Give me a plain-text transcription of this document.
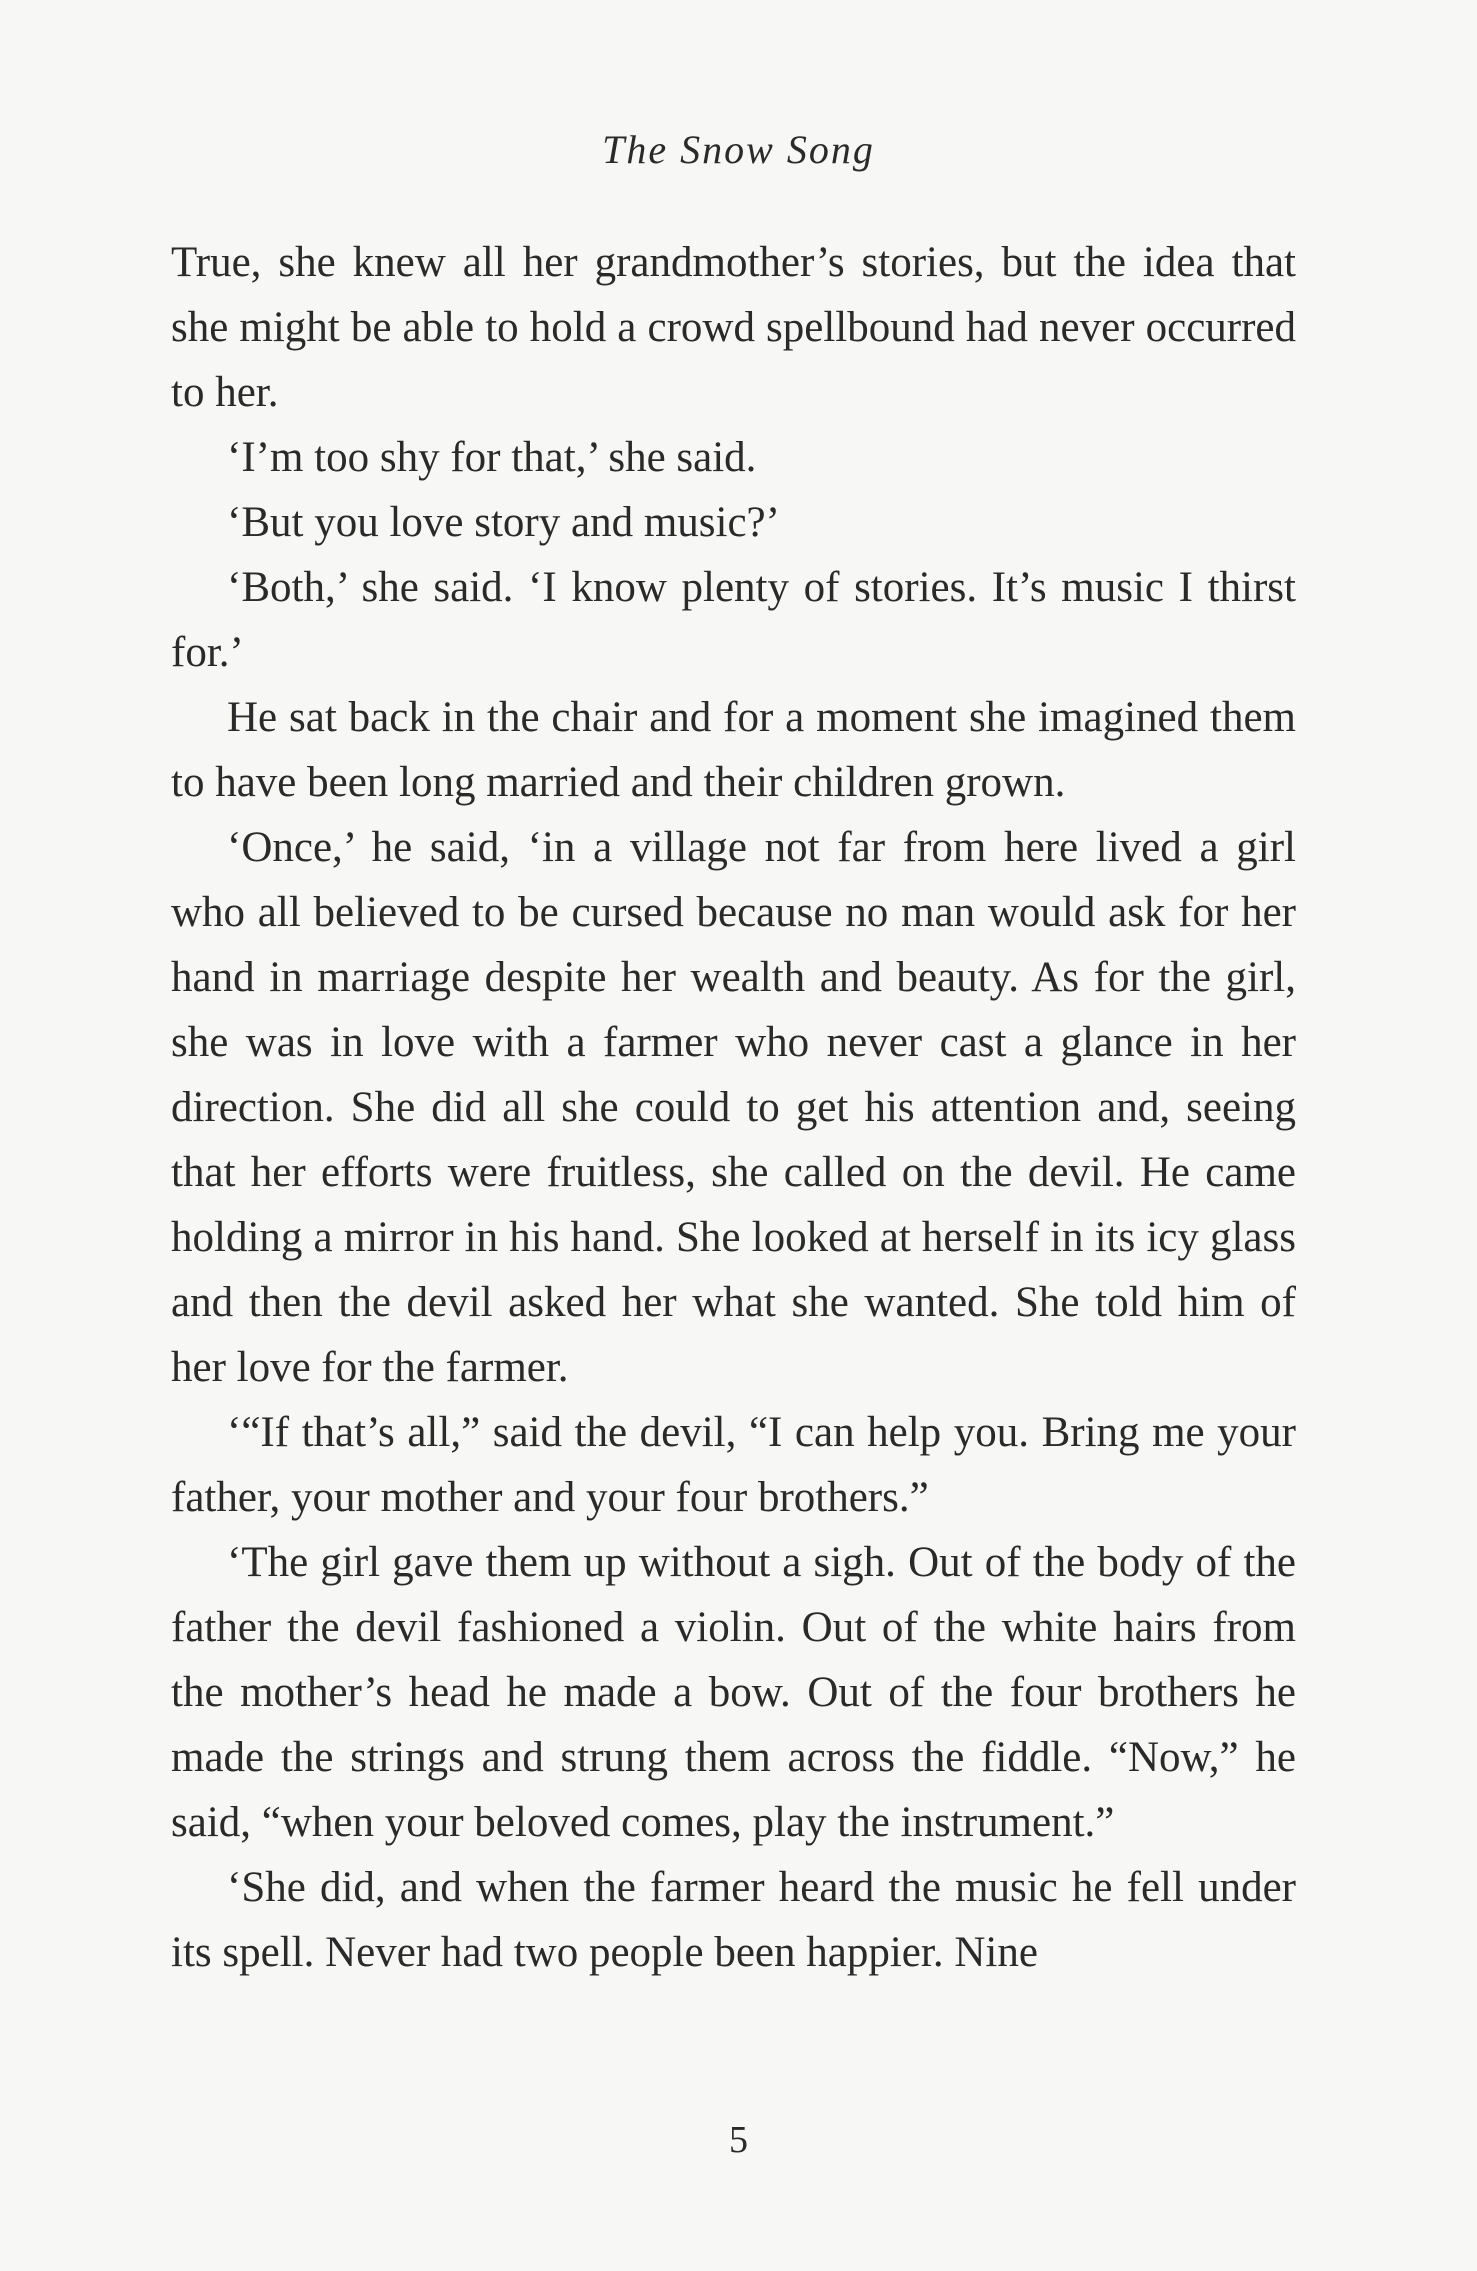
The Snow Song

True, she knew all her grandmother’s stories, but the idea that she might be able to hold a crowd spellbound had never occurred to her.

‘I’m too shy for that,’ she said.

‘But you love story and music?’

‘Both,’ she said. ‘I know plenty of stories. It’s music I thirst for.’

He sat back in the chair and for a moment she imagined them to have been long married and their children grown.

‘Once,’ he said, ‘in a village not far from here lived a girl who all believed to be cursed because no man would ask for her hand in marriage despite her wealth and beauty. As for the girl, she was in love with a farmer who never cast a glance in her direction. She did all she could to get his attention and, seeing that her efforts were fruitless, she called on the devil. He came holding a mirror in his hand. She looked at herself in its icy glass and then the devil asked her what she wanted. She told him of her love for the farmer.

‘“If that’s all,” said the devil, “I can help you. Bring me your father, your mother and your four brothers.”

‘The girl gave them up without a sigh. Out of the body of the father the devil fashioned a violin. Out of the white hairs from the mother’s head he made a bow. Out of the four brothers he made the strings and strung them across the fiddle. “Now,” he said, “when your beloved comes, play the instrument.”

‘She did, and when the farmer heard the music he fell under its spell. Never had two people been happier. Nine

5
